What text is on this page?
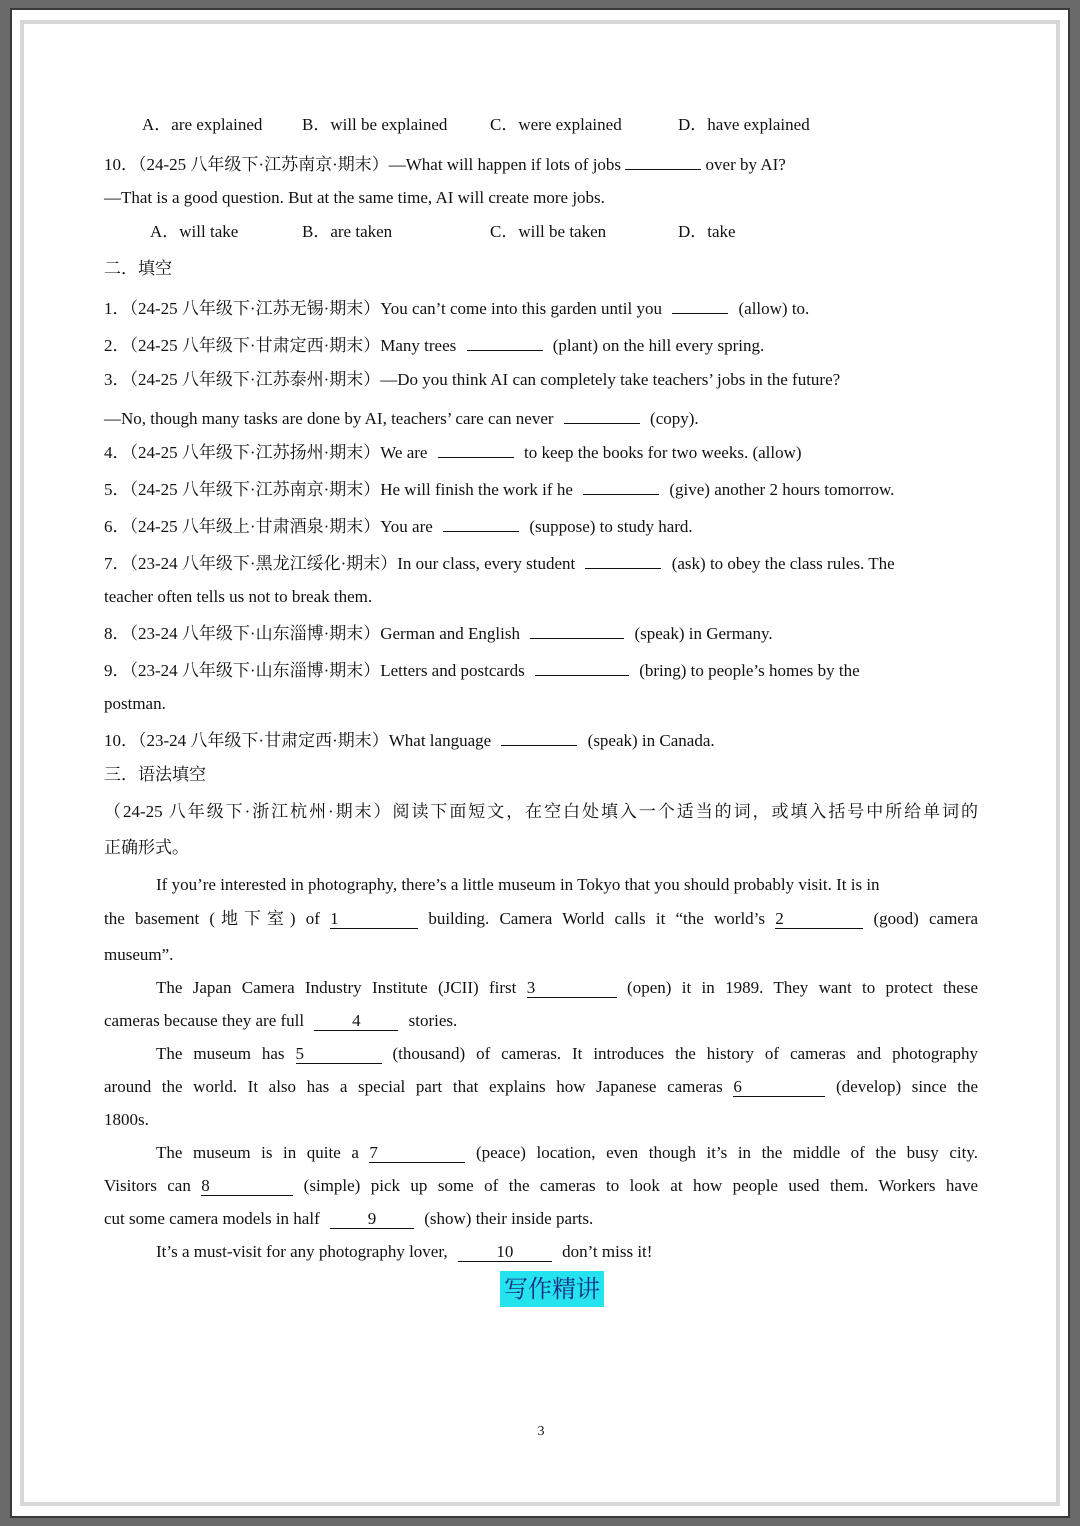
A．are explained B．will be explained	C．were explained	D．have explained
10．（24-25 八年级下·江苏南京·期末）—What will happen if lots of jobs	over by AI?
—That is a good question. But at the same time, AI will create more jobs.
A．will take	B．are taken	C．will be taken	D．take
二．填空
1．（24-25 八年级下·江苏无锡·期末）You can’t come into this garden until you	(allow) to.
2．（24-25 八年级下·甘肃定西·期末）Many trees	(plant) on the hill every spring.
3．（24-25 八年级下·江苏泰州·期末）—Do you think AI can completely take teachers’ jobs in the future?
—No, though many tasks are done by AI, teachers’ care can never	(copy).
4．（24-25 八年级下·江苏扬州·期末）We are	to keep the books for two weeks. (allow)
5．（24-25 八年级下·江苏南京·期末）He will finish the work if he	(give) another 2 hours tomorrow.
6．（24-25 八年级上·甘肃酒泉·期末）You are	(suppose) to study hard.
7．（23-24 八年级下·黑龙江绥化·期末）In our class, every student	(ask) to obey the class rules. The
teacher often tells us not to break them.
8．（23-24 八年级下·山东淄博·期末）German and English	(speak) in Germany.
9．（23-24 八年级下·山东淄博·期末）Letters and postcards	(bring) to people’s homes by the
postman.
10．（23-24 八年级下·甘肃定西·期末）What language	(speak) in Canada.
三．语法填空
（24-25 八年级下·浙江杭州·期末）阅读下面短文，在空白处填入一个适当的词，或填入括号中所给单词的
正确形式。
If you’re interested in photography, there’s a little museum in Tokyo that you should probably visit. It is in
the basement (地下室) of 1	building. Camera World calls it “the world’s 2	(good) camera
museum”.
The Japan Camera Industry Institute (JCII) first 3	(open) it in 1989. They want to protect these
cameras because they are full	4	stories.
The museum has 5	(thousand) of cameras. It introduces the history of cameras and photography
around the world. It also has a special part that explains how Japanese cameras 6	(develop) since the
1800s.
The museum is in quite a 7	(peace) location, even though it’s in the middle of the busy city.
Visitors can 8	(simple) pick up some of the cameras to look at how people used them. Workers have
cut some camera models in half	9	(show) their inside parts.
It’s a must-visit for any photography lover,	10	don’t miss it!
写作精讲
3
